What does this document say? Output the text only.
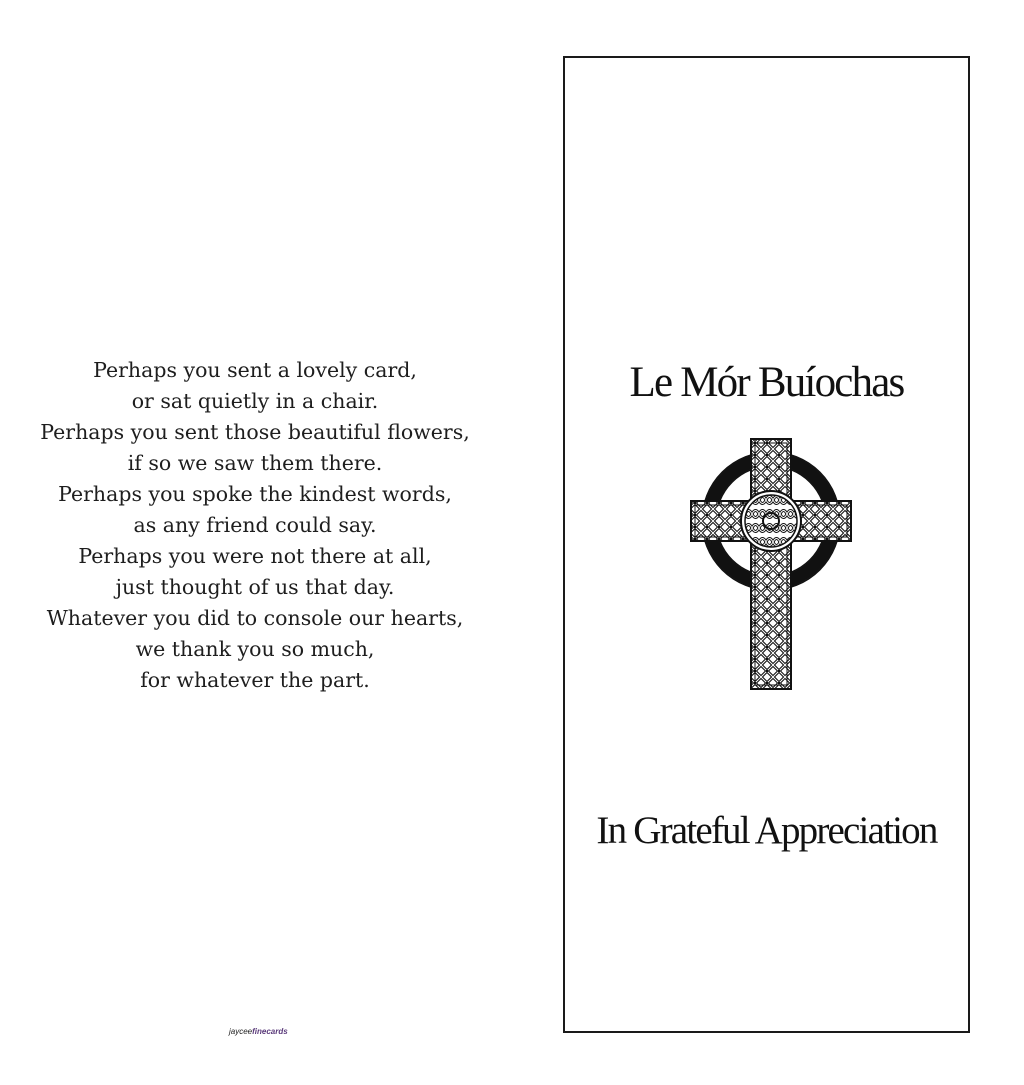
Perhaps you sent a lovely card,
or sat quietly in a chair.
Perhaps you sent those beautiful flowers,
if so we saw them there.
Perhaps you spoke the kindest words,
as any friend could say.
Perhaps you were not there at all,
just thought of us that day.
Whatever you did to console our hearts,
we thank you so much,
for whatever the part.
jayceefinecards
Le Mór Buíochas
In Grateful Appreciation
